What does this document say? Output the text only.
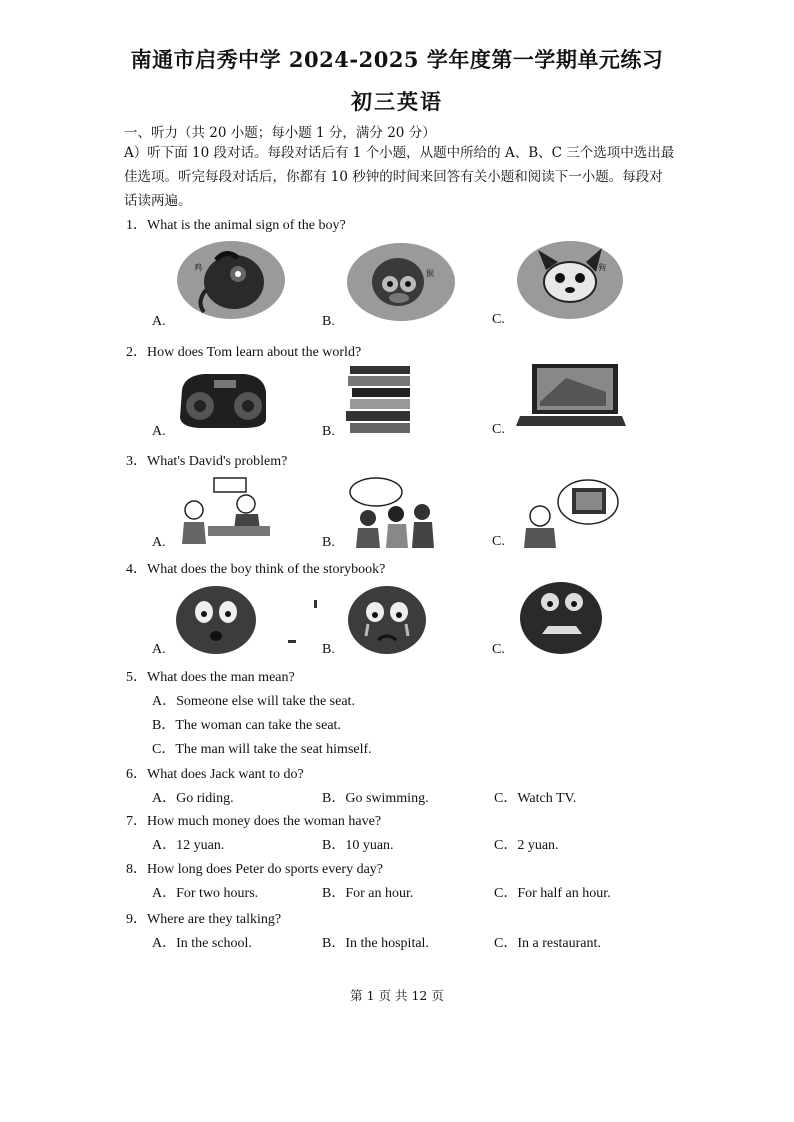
南通市启秀中学 2024-2025 学年度第一学期单元练习
初三英语
一、听力（共 20 小题；每小题 1 分，满分 20 分）
A）听下面 10 段对话。每段对话后有 1 个小题，从题中所给的 A、B、C 三个选项中选出最
佳选项。听完每段对话后，你都有 10 秒钟的时间来回答有关小题和阅读下一小题。每段对
话读两遍。
1．What is the animal sign of the boy?
鸡
A.
猴
B.
狗
C.
2．How does Tom learn about the world?
A.	B.	C.
3．What's David's problem?
A.	B.	C.
4．What does the boy think of the storybook?
A.	B.	C.
5．What does the man mean?
A．Someone else will take the seat.
B．The woman can take the seat.
C．The man will take the seat himself.
6．What does Jack want to do?
A．Go riding.	B．Go swimming.	C．Watch TV.
7．How much money does the woman have?
A．12 yuan.	B．10 yuan.	C．2 yuan.
8．How long does Peter do sports every day?
A．For two hours.	B．For an hour.	C．For half an hour.
9．Where are they talking?
A．In the school.	B．In the hospital.	C．In a restaurant.
第 1 页 共 12 页
